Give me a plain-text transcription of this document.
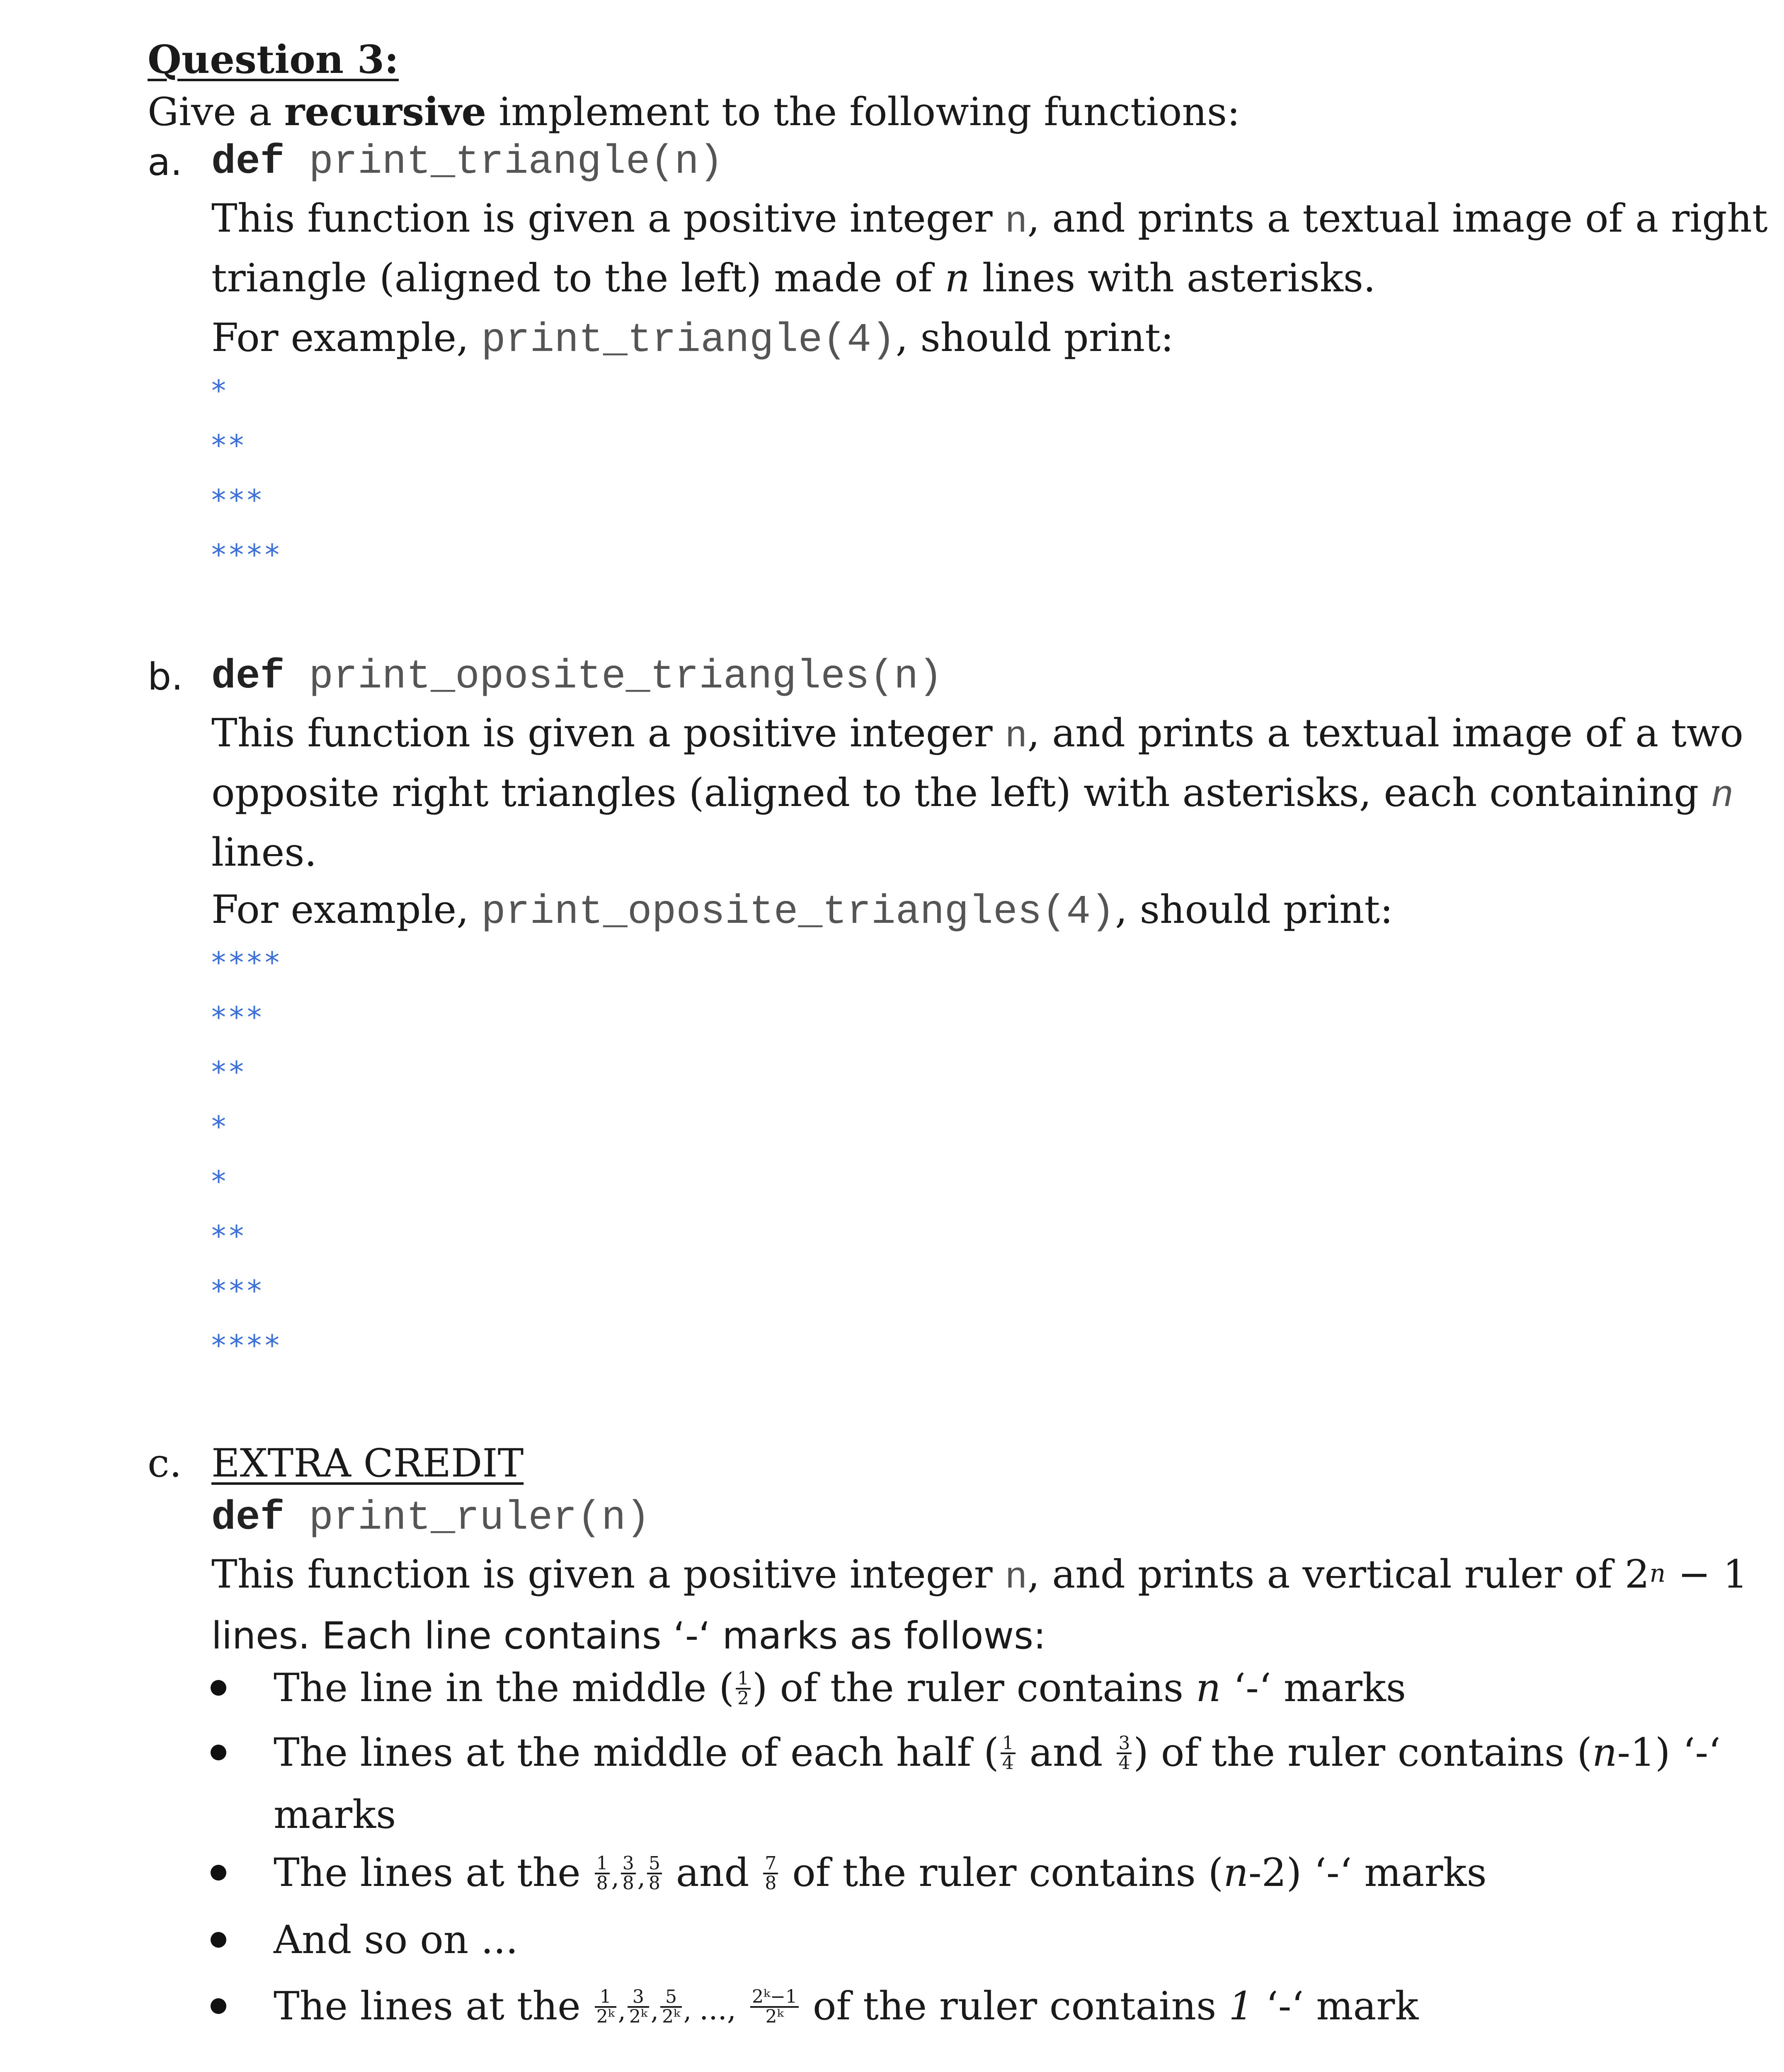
Question 3:
Give a recursive implement to the following functions:
a. def print_triangle(n)
This function is given a positive integer n, and prints a textual image of a right
triangle (aligned to the left) made of n lines with asterisks.
For example, print_triangle(4), should print:
*
**
***
****
b. def print_oposite_triangles(n)
This function is given a positive integer n, and prints a textual image of a two
opposite right triangles (aligned to the left) with asterisks, each containing n
lines.
For example, print_oposite_triangles(4), should print:
****
***
**
*
*
**
***
****
c. EXTRA CREDIT
def print_ruler(n)
This function is given a positive integer n, and prints a vertical ruler of $2^n - 1$
lines. Each line contains ‘-‘ marks as follows:
The line in the middle ( $\frac{1}{2}$ ) of the ruler contains n ‘-‘ marks
The lines at the middle of each half ( $\frac{1}{4}$ and $\frac{3}{4}$ ) of the ruler contains (n-1) ‘-‘
marks
The lines at the $\frac{1}{8}$ , $\frac{3}{8}$ , $\frac{5}{8}$ and $\frac{7}{8}$ of the ruler contains (n-2) ‘-‘ marks
And so on ...
The lines at the $\frac{1}{\text{2ᵏ}}$ , $\frac{3}{\text{2ᵏ}}$ , $\frac{5}{\text{2ᵏ}}$ , ..., $\frac{\text{2ᵏ−1}}{\text{2ᵏ}}$ of the ruler contains 1 ‘-‘ mark
